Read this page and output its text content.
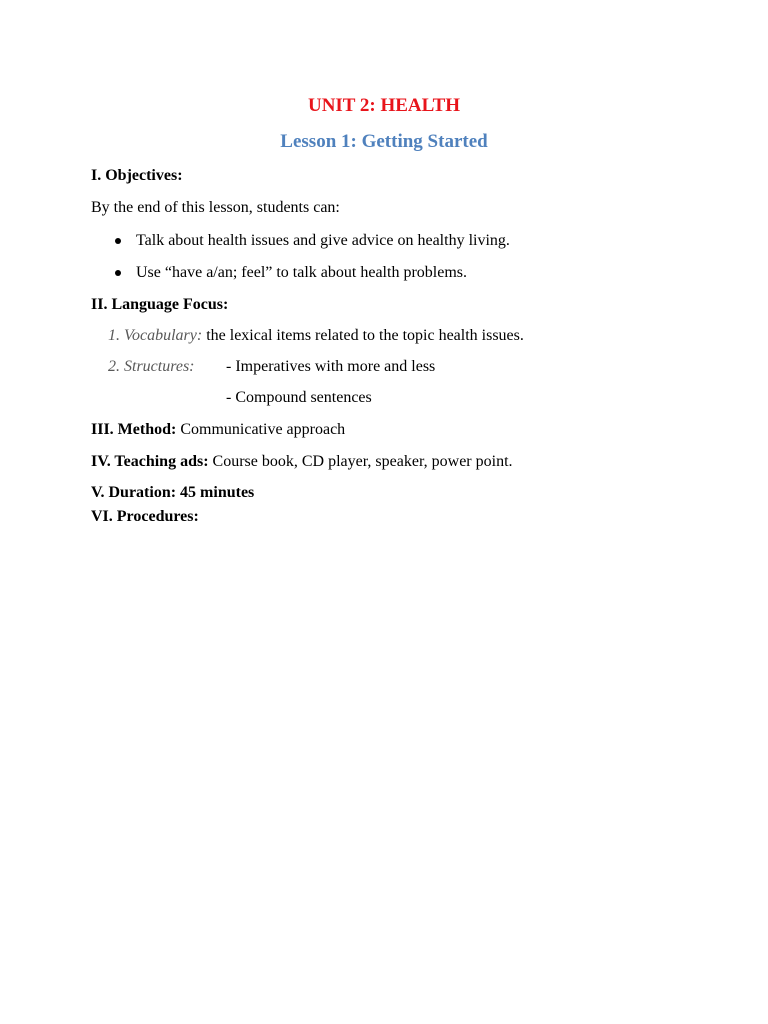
UNIT 2: HEALTH
Lesson 1: Getting Started
I. Objectives:
By the end of this lesson, students can:
Talk about health issues and give advice on healthy living.
Use “have a/an; feel” to talk about health problems.
II. Language Focus:
1. Vocabulary: the lexical items related to the topic health issues.
2. Structures: - Imperatives with more and less
- Compound sentences
III. Method: Communicative approach
IV. Teaching ads: Course book, CD player, speaker, power point.
V. Duration: 45 minutes
VI. Procedures:
